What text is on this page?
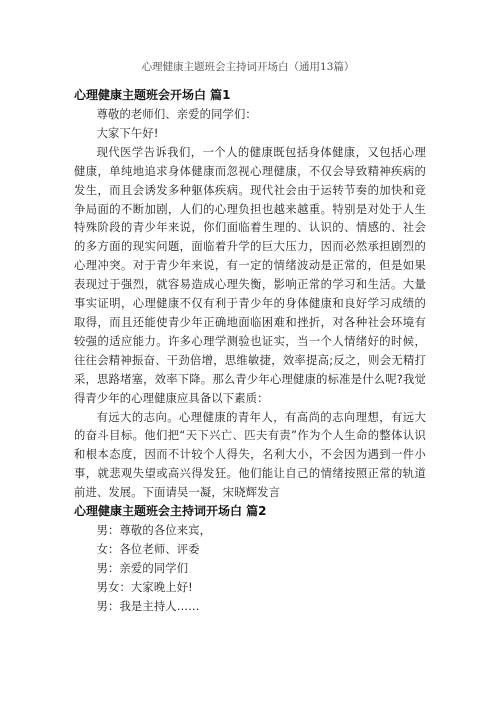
心理健康主题班会主持词开场白（通用13篇）
心理健康主题班会开场白 篇1

尊敬的老师们、亲爱的同学们：

大家下午好!

现代医学告诉我们，一个人的健康既包括身体健康，又包括心理健康，单纯地追求身体健康而忽视心理健康，不仅会导致精神疾病的发生，而且会诱发多种躯体疾病。现代社会由于运转节奏的加快和竞争局面的不断加剧，人们的心理负担也越来越重。特别是对处于人生特殊阶段的青少年来说，你们面临着生理的、认识的、情感的、社会的多方面的现实问题，面临着升学的巨大压力，因而必然承担剧烈的心理冲突。对于青少年来说，有一定的情绪波动是正常的，但是如果表现过于强烈，就容易造成心理失衡，影响正常的学习和生活。大量事实证明，心理健康不仅有利于青少年的身体健康和良好学习成绩的取得，而且还能使青少年正确地面临困难和挫折，对各种社会环境有较强的适应能力。许多心理学测验也证实，当一个人情绪好的时候，往往会精神振奋、干劲倍增，思维敏捷，效率提高;反之，则会无精打采，思路堵塞，效率下降。那么青少年心理健康的标准是什么呢?我觉得青少年的心理健康应具备以下素质：

有远大的志向。心理健康的青年人，有高尚的志向理想，有远大的奋斗目标。他们把“天下兴亡、匹夫有责”作为个人生命的整体认识和根本态度，因而不计较个人得失，名利大小，不会因为遇到一件小事，就悲观失望或高兴得发狂。他们能让自己的情绪按照正常的轨道前进、发展。下面请吴一凝，宋晓辉发言

心理健康主题班会主持词开场白 篇2

男：尊敬的各位来宾，

女：各位老师、评委

男：亲爱的同学们

男女：大家晚上好!

男：我是主持人……
